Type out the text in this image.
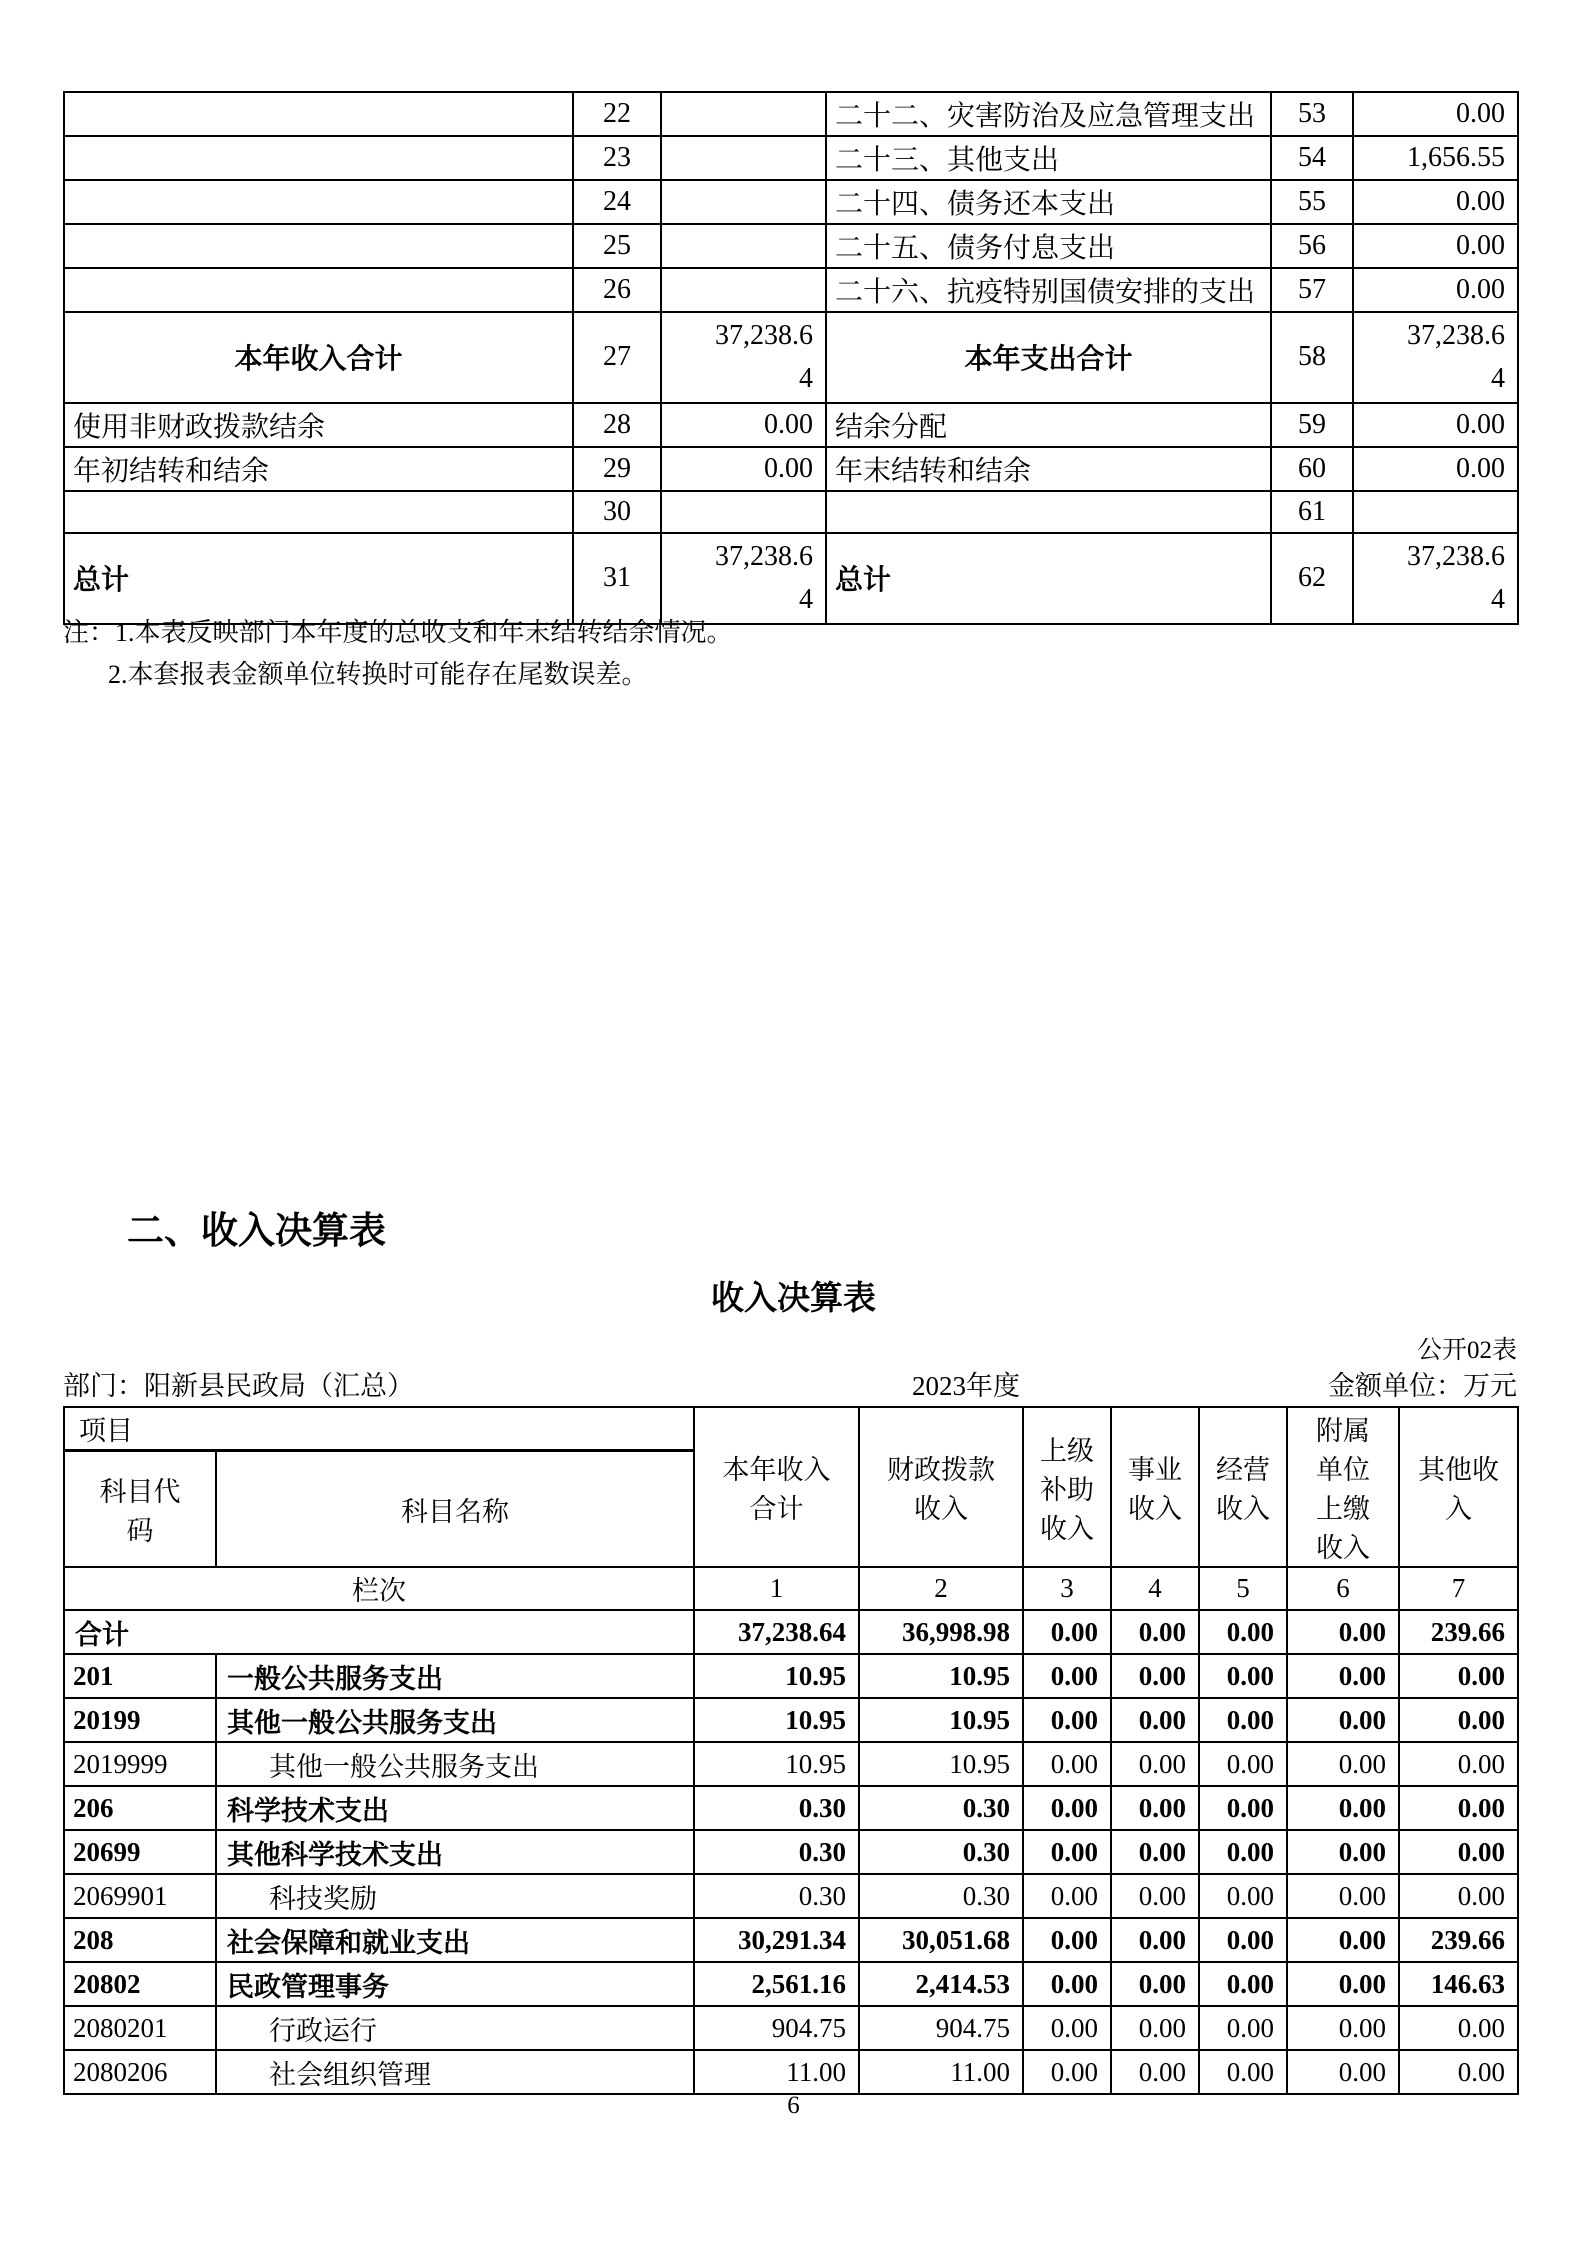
	22		二十二、灾害防治及应急管理支出	53	0.00
	23		二十三、其他支出	54	1,656.55
	24		二十四、债务还本支出	55	0.00
	25		二十五、债务付息支出	56	0.00
	26		二十六、抗疫特别国债安排的支出	57	0.00
本年收入合计	27	37,238.64	本年支出合计	58	37,238.64
使用非财政拨款结余	28	0.00	结余分配	59	0.00
年初结转和结余	29	0.00	年末结转和结余	60	0.00
	30			61	
总计	31	37,238.64	总计	62	37,238.64
注：1.本表反映部门本年度的总收支和年末结转结余情况。
2.本套报表金额单位转换时可能存在尾数误差。
二、收入决算表
收入决算表
公开02表
部门：阳新县民政局（汇总）	2023年度	金额单位：万元
项目		本年收入合计	财政拨款收入	上级补助收入	事业收入	经营收入	附属单位上缴收入	其他收入
科目代码	科目名称							
栏次		1	2	3	4	5	6	7
合计		37,238.64	36,998.98	0.00	0.00	0.00	0.00	239.66
201	一般公共服务支出	10.95	10.95	0.00	0.00	0.00	0.00	0.00
20199	其他一般公共服务支出	10.95	10.95	0.00	0.00	0.00	0.00	0.00
2019999	其他一般公共服务支出	10.95	10.95	0.00	0.00	0.00	0.00	0.00
206	科学技术支出	0.30	0.30	0.00	0.00	0.00	0.00	0.00
20699	其他科学技术支出	0.30	0.30	0.00	0.00	0.00	0.00	0.00
2069901	科技奖励	0.30	0.30	0.00	0.00	0.00	0.00	0.00
208	社会保障和就业支出	30,291.34	30,051.68	0.00	0.00	0.00	0.00	239.66
20802	民政管理事务	2,561.16	2,414.53	0.00	0.00	0.00	0.00	146.63
2080201	行政运行	904.75	904.75	0.00	0.00	0.00	0.00	0.00
2080206	社会组织管理	11.00	11.00	0.00	0.00	0.00	0.00	0.00
6
